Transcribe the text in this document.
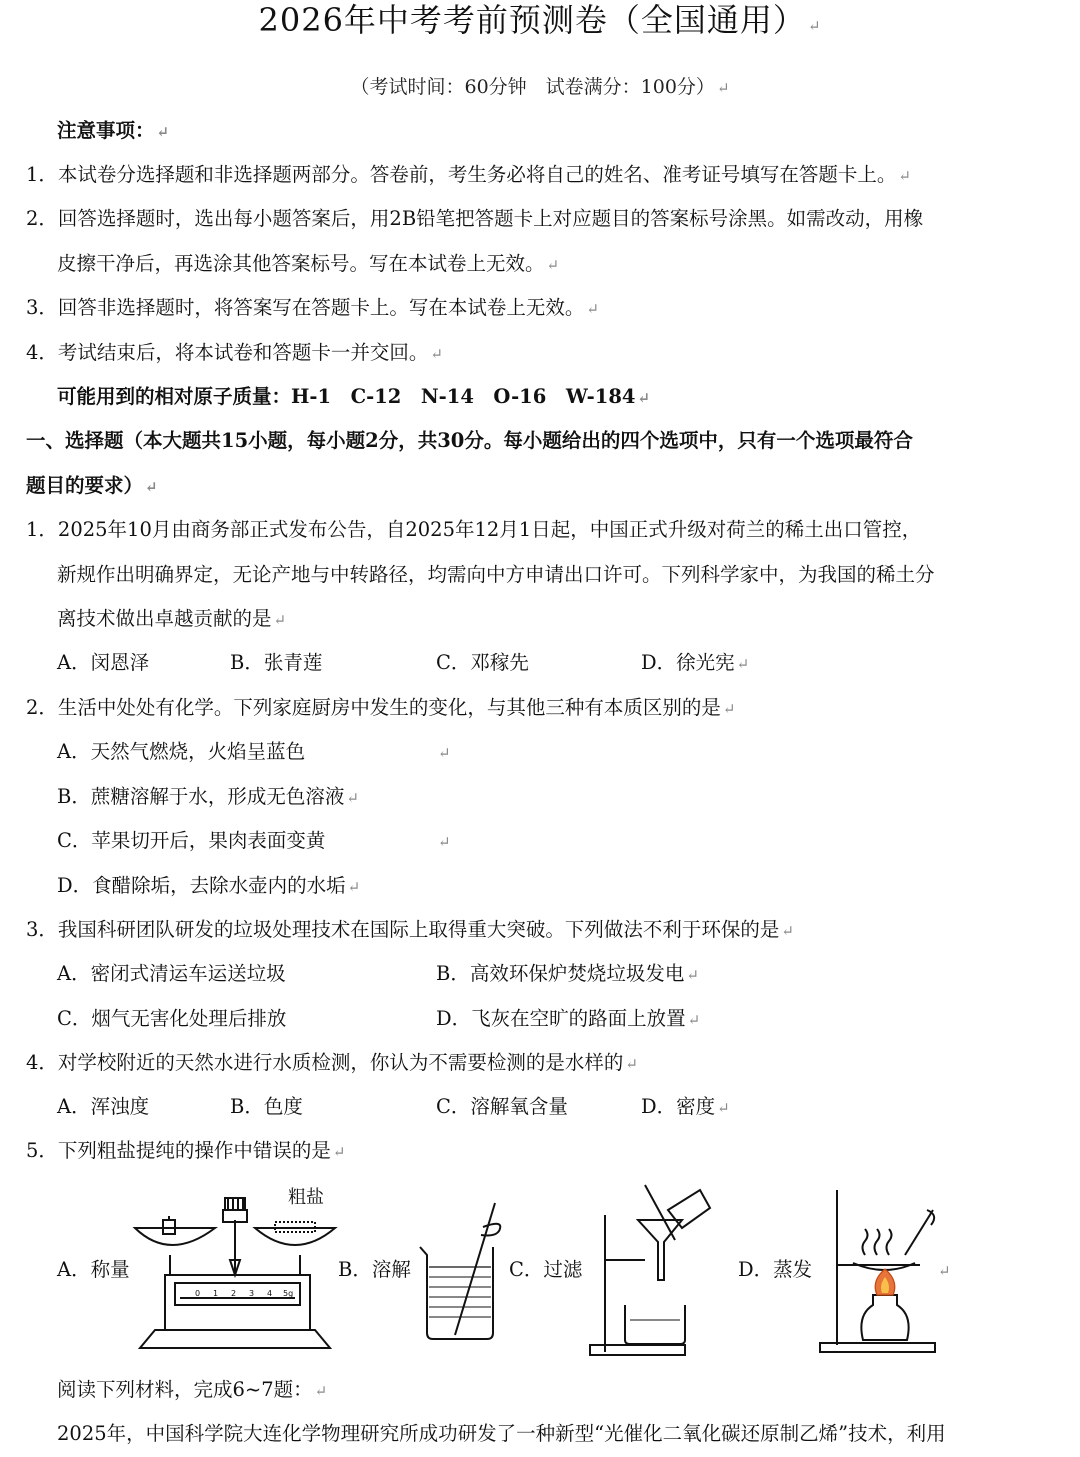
2026年中考考前预测卷（全国通用） ↵
（考试时间：60分钟　试卷满分：100分） ↵
注意事项： ↵
1．本试卷分选择题和非选择题两部分。答卷前，考生务必将自己的姓名、准考证号填写在答题卡上。 ↵
2．回答选择题时，选出每小题答案后，用2B铅笔把答题卡上对应题目的答案标号涂黑。如需改动，用橡
皮擦干净后，再选涂其他答案标号。写在本试卷上无效。 ↵
3．回答非选择题时，将答案写在答题卡上。写在本试卷上无效。 ↵
4．考试结束后，将本试卷和答题卡一并交回。 ↵
可能用到的相对原子质量：H-1　C-12　N-14　O-16　W-184 ↵
一、选择题（本大题共15小题，每小题2分，共30分。每小题给出的四个选项中，只有一个选项最符合
题目的要求） ↵
1．2025年10月由商务部正式发布公告，自2025年12月1日起，中国正式升级对荷兰的稀土出口管控，
新规作出明确界定，无论产地与中转路径，均需向中方申请出口许可。下列科学家中，为我国的稀土分
离技术做出卓越贡献的是 ↵
A．闵恩泽	B．张青莲	C．邓稼先	D．徐光宪 ↵
2．生活中处处有化学。下列家庭厨房中发生的变化，与其他三种有本质区别的是 ↵
A．天然气燃烧，火焰呈蓝色	↵
B．蔗糖溶解于水，形成无色溶液 ↵
C．苹果切开后，果肉表面变黄	↵
D．食醋除垢，去除水壶内的水垢 ↵
3．我国科研团队研发的垃圾处理技术在国际上取得重大突破。下列做法不利于环保的是 ↵
A．密闭式清运车运送垃圾	B．高效环保炉焚烧垃圾发电 ↵
C．烟气无害化处理后排放	D．飞灰在空旷的路面上放置 ↵
4．对学校附近的天然水进行水质检测，你认为不需要检测的是水样的 ↵
A．浑浊度	B．色度	C．溶解氧含量	D．密度 ↵
5．下列粗盐提纯的操作中错误的是 ↵
A．称量	B．溶解	C．过滤	D．蒸发	↵
0 1 2 3 4 5g
粗盐
阅读下列材料，完成6~7题： ↵
2025年，中国科学院大连化学物理研究所成功研发了一种新型“光催化二氧化碳还原制乙烯”技术，利用
